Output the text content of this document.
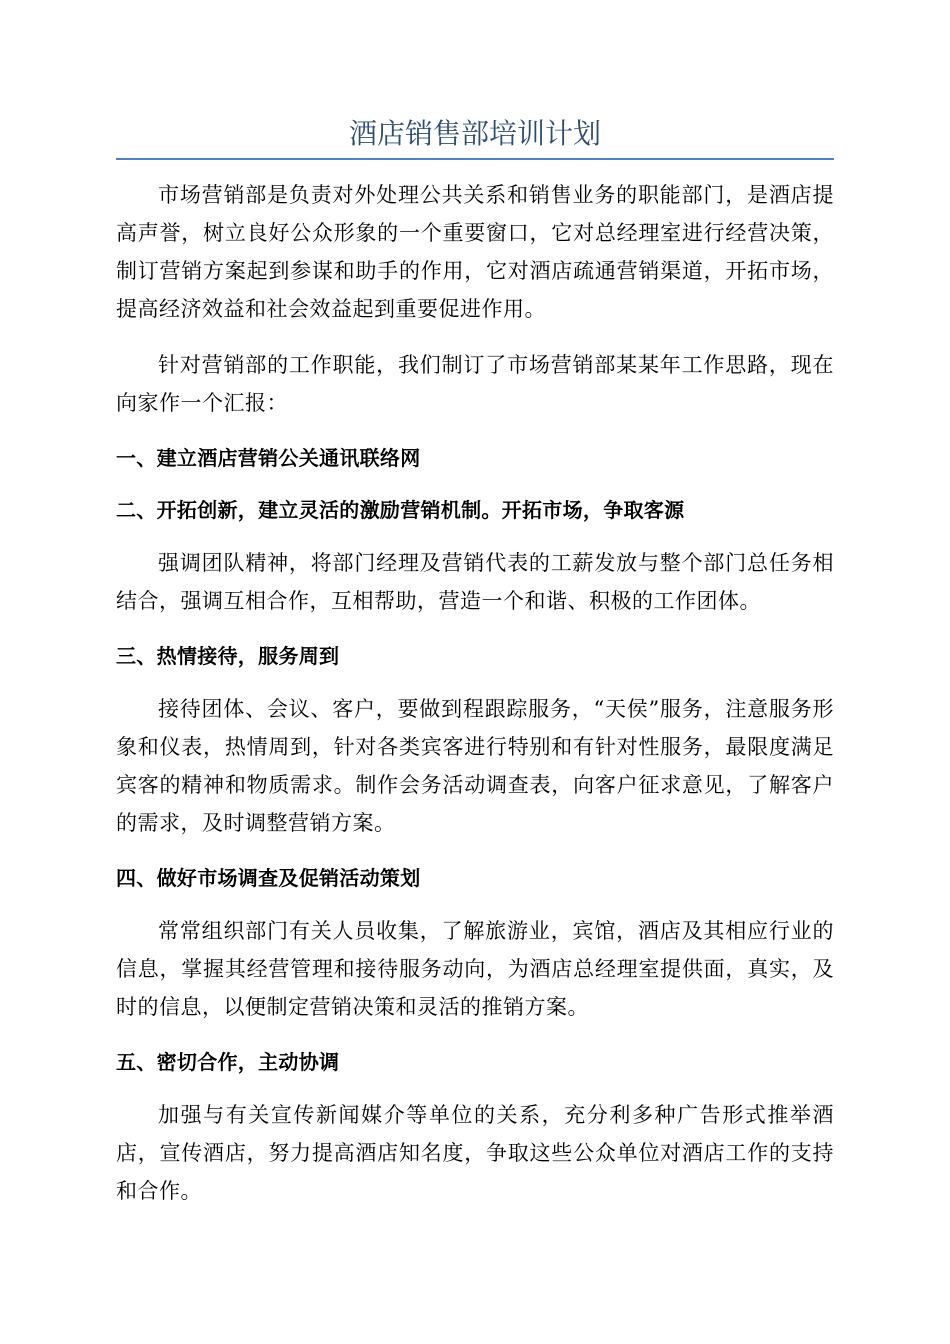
酒店销售部培训计划

市场营销部是负责对外处理公共关系和销售业务的职能部门，是酒店提高声誉，树立良好公众形象的一个重要窗口，它对总经理室进行经营决策，制订营销方案起到参谋和助手的作用，它对酒店疏通营销渠道，开拓市场，提高经济效益和社会效益起到重要促进作用。

针对营销部的工作职能，我们制订了市场营销部某某年工作思路，现在向家作一个汇报：

一、建立酒店营销公关通讯联络网
二、开拓创新，建立灵活的激励营销机制。开拓市场，争取客源

强调团队精神，将部门经理及营销代表的工薪发放与整个部门总任务相结合，强调互相合作，互相帮助，营造一个和谐、积极的工作团体。

三、热情接待，服务周到

接待团体、会议、客户，要做到程跟踪服务，“天侯”服务，注意服务形象和仪表，热情周到，针对各类宾客进行特别和有针对性服务，最限度满足宾客的精神和物质需求。制作会务活动调查表，向客户征求意见，了解客户的需求，及时调整营销方案。

四、做好市场调查及促销活动策划

常常组织部门有关人员收集，了解旅游业，宾馆，酒店及其相应行业的信息，掌握其经营管理和接待服务动向，为酒店总经理室提供面，真实，及时的信息，以便制定营销决策和灵活的推销方案。

五、密切合作，主动协调

加强与有关宣传新闻媒介等单位的关系，充分利多种广告形式推举酒店，宣传酒店，努力提高酒店知名度，争取这些公众单位对酒店工作的支持和合作。
